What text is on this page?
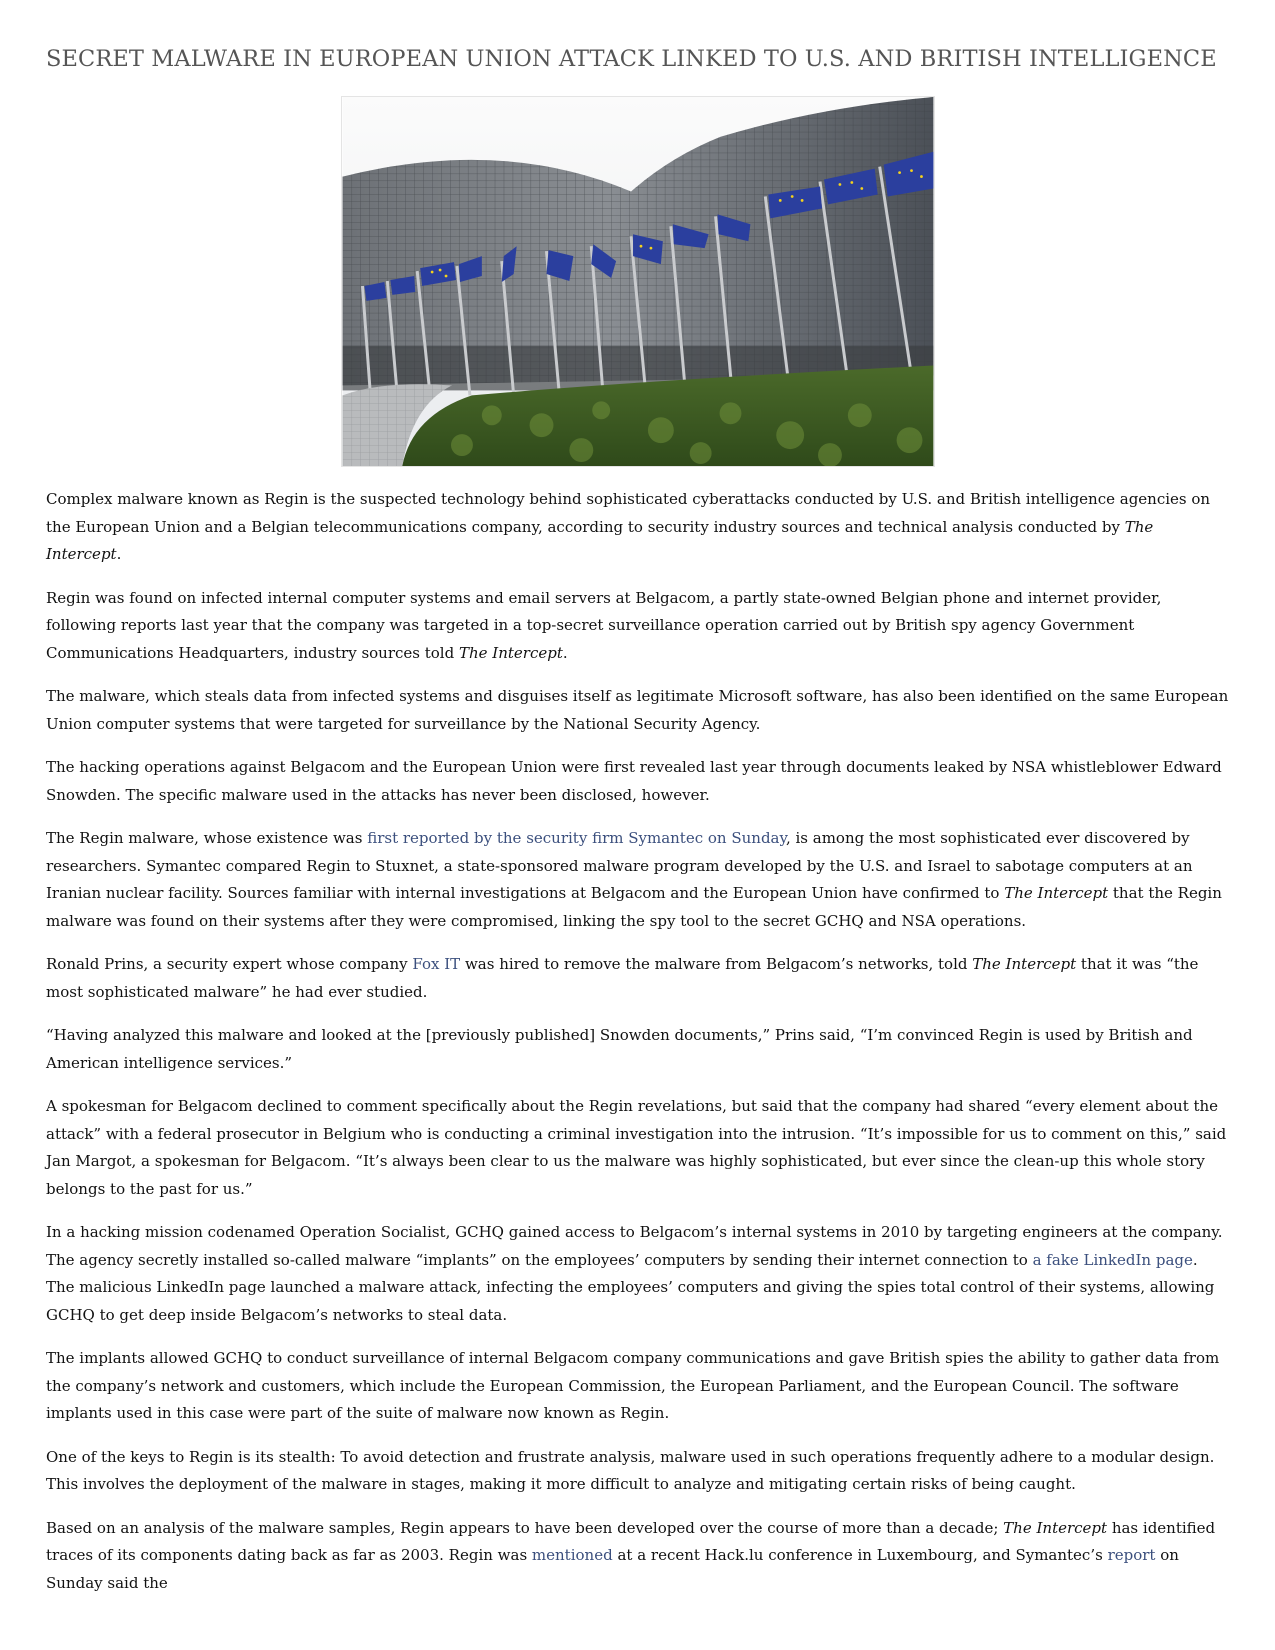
SECRET MALWARE IN EUROPEAN UNION ATTACK LINKED TO U.S. AND BRITISH INTELLIGENCE

Complex malware known as Regin is the suspected technology behind sophisticated cyberattacks conducted by U.S. and British intelligence agencies on the European Union and a Belgian telecommunications company, according to security industry sources and technical analysis conducted by The Intercept.

Regin was found on infected internal computer systems and email servers at Belgacom, a partly state-owned Belgian phone and internet provider, following reports last year that the company was targeted in a top-secret surveillance operation carried out by British spy agency Government Communications Headquarters, industry sources told The Intercept.

The malware, which steals data from infected systems and disguises itself as legitimate Microsoft software, has also been identified on the same European Union computer systems that were targeted for surveillance by the National Security Agency.

The hacking operations against Belgacom and the European Union were first revealed last year through documents leaked by NSA whistleblower Edward Snowden. The specific malware used in the attacks has never been disclosed, however.

The Regin malware, whose existence was first reported by the security firm Symantec on Sunday, is among the most sophisticated ever discovered by researchers. Symantec compared Regin to Stuxnet, a state-sponsored malware program developed by the U.S. and Israel to sabotage computers at an Iranian nuclear facility. Sources familiar with internal investigations at Belgacom and the European Union have confirmed to The Intercept that the Regin malware was found on their systems after they were compromised, linking the spy tool to the secret GCHQ and NSA operations.

Ronald Prins, a security expert whose company Fox IT was hired to remove the malware from Belgacom’s networks, told The Intercept that it was “the most sophisticated malware” he had ever studied.

“Having analyzed this malware and looked at the [previously published] Snowden documents,” Prins said, “I’m convinced Regin is used by British and American intelligence services.”

A spokesman for Belgacom declined to comment specifically about the Regin revelations, but said that the company had shared “every element about the attack” with a federal prosecutor in Belgium who is conducting a criminal investigation into the intrusion. “It’s impossible for us to comment on this,” said Jan Margot, a spokesman for Belgacom. “It’s always been clear to us the malware was highly sophisticated, but ever since the clean-up this whole story belongs to the past for us.”

In a hacking mission codenamed Operation Socialist, GCHQ gained access to Belgacom’s internal systems in 2010 by targeting engineers at the company. The agency secretly installed so-called malware “implants” on the employees’ computers by sending their internet connection to a fake LinkedIn page. The malicious LinkedIn page launched a malware attack, infecting the employees’ computers and giving the spies total control of their systems, allowing GCHQ to get deep inside Belgacom’s networks to steal data.

The implants allowed GCHQ to conduct surveillance of internal Belgacom company communications and gave British spies the ability to gather data from the company’s network and customers, which include the European Commission, the European Parliament, and the European Council. The software implants used in this case were part of the suite of malware now known as Regin.

One of the keys to Regin is its stealth: To avoid detection and frustrate analysis, malware used in such operations frequently adhere to a modular design. This involves the deployment of the malware in stages, making it more difficult to analyze and mitigating certain risks of being caught.

Based on an analysis of the malware samples, Regin appears to have been developed over the course of more than a decade; The Intercept has identified traces of its components dating back as far as 2003. Regin was mentioned at a recent Hack.lu conference in Luxembourg, and Symantec’s report on Sunday said the
